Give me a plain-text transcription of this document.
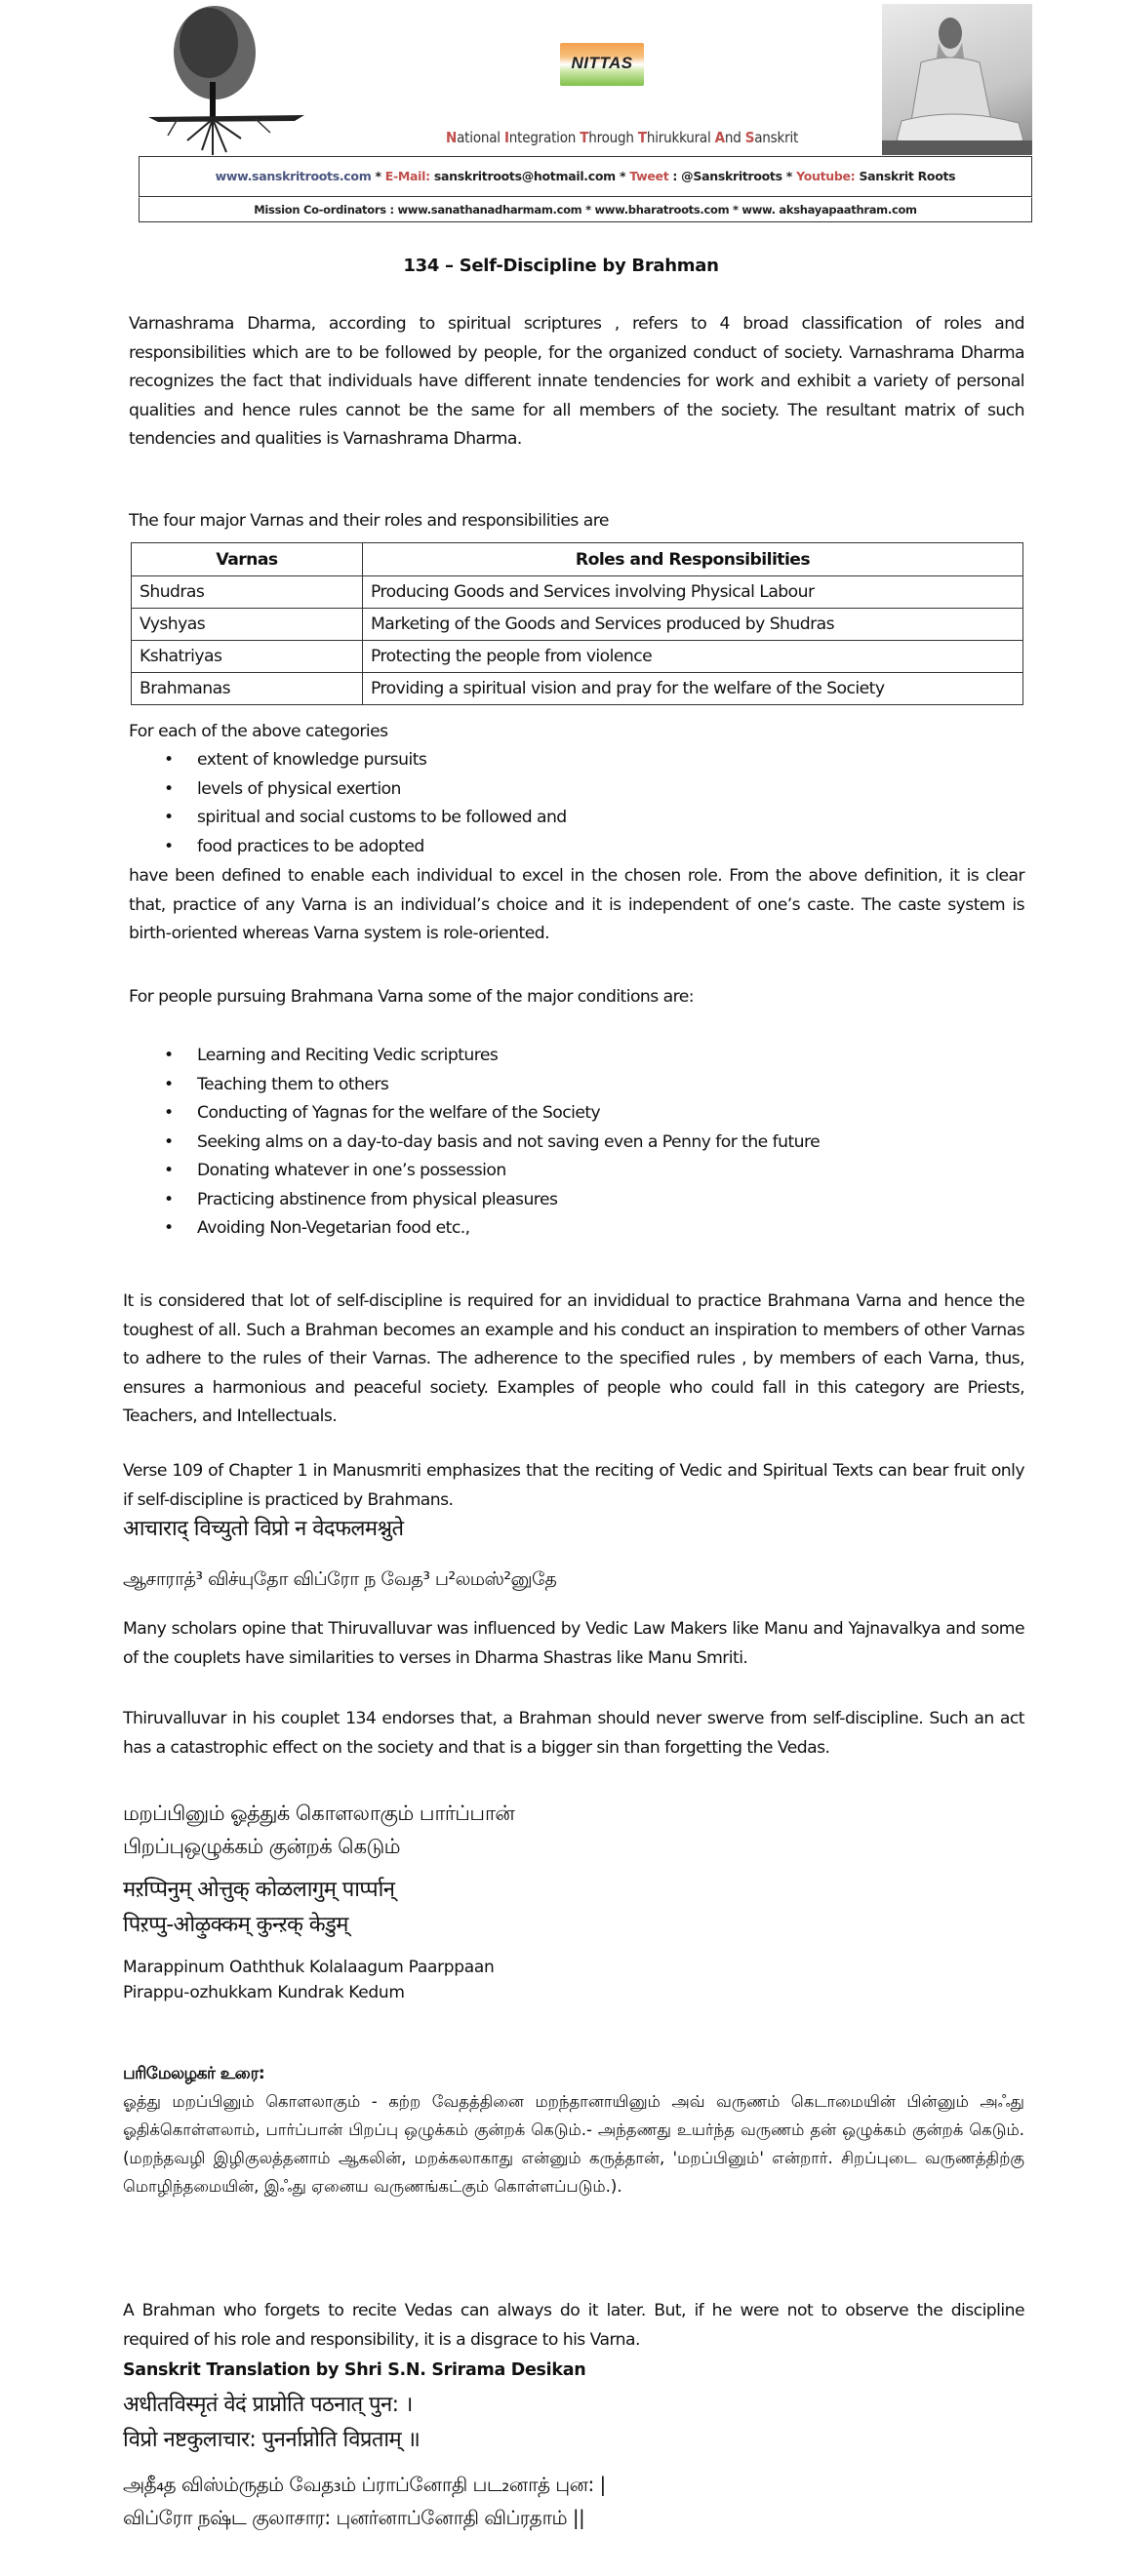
NITTAS
National Integration Through Thirukkural And Sanskrit
www.sanskritroots.com * E-Mail: sanskritroots@hotmail.com * Tweet : @Sanskritroots * Youtube: Sanskrit Roots
Mission Co-ordinators : www.sanathanadharmam.com * www.bharatroots.com * www. akshayapaathram.com
134 – Self-Discipline by Brahman

Varnashrama Dharma, according to spiritual scriptures , refers to 4 broad classification of roles and responsibilities which are to be followed by people, for the organized conduct of society. Varnashrama Dharma recognizes the fact that individuals have different innate tendencies for work and exhibit a variety of personal qualities and hence rules cannot be the same for all members of the society. The resultant matrix of such tendencies and qualities is Varnashrama Dharma.

The four major Varnas and their roles and responsibilities are

Varnas	Roles and Responsibilities
Shudras	Producing Goods and Services involving Physical Labour
Vyshyas	Marketing of the Goods and Services produced by Shudras
Kshatriyas	Protecting the people from violence
Brahmanas	Providing a spiritual vision and pray for the welfare of the Society

For each of the above categories

• extent of knowledge pursuits
• levels of physical exertion
• spiritual and social customs to be followed and
• food practices to be adopted

have been defined to enable each individual to excel in the chosen role. From the above definition, it is clear that, practice of any Varna is an individual’s choice and it is independent of one’s caste. The caste system is birth-oriented whereas Varna system is role-oriented.

For people pursuing Brahmana Varna some of the major conditions are:

• Learning and Reciting Vedic scriptures
• Teaching them to others
• Conducting of Yagnas for the welfare of the Society
• Seeking alms on a day-to-day basis and not saving even a Penny for the future
• Donating whatever in one’s possession
• Practicing abstinence from physical pleasures
• Avoiding Non-Vegetarian food etc.,

It is considered that lot of self-discipline is required for an invididual to practice Brahmana Varna and hence the toughest of all. Such a Brahman becomes an example and his conduct an inspiration to members of other Varnas to adhere to the rules of their Varnas. The adherence to the specified rules , by members of each Varna, thus, ensures a harmonious and peaceful society. Examples of people who could fall in this category are Priests, Teachers, and Intellectuals.

Verse 109 of Chapter 1 in Manusmriti emphasizes that the reciting of Vedic and Spiritual Texts can bear fruit only if self-discipline is practiced by Brahmans.

आचाराद् विच्युतो विप्रो न वेदफलमश्नुते

ஆசாராத்³ விச்யுதோ விப்ரோ ந வேத³ ப²லமஸ்²னுதே

Many scholars opine that Thiruvalluvar was influenced by Vedic Law Makers like Manu and Yajnavalkya and some of the couplets have similarities to verses in Dharma Shastras like Manu Smriti.

Thiruvalluvar in his couplet 134 endorses that, a Brahman should never swerve from self-discipline. Such an act has a catastrophic effect on the society and that is a bigger sin than forgetting the Vedas.

மறப்பினும் ஓத்துக் கொளலாகும் பார்ப்பான்
பிறப்புஒழுக்கம் குன்றக் கெடும்
मऱप्पिनुम् ओत्तुक् कोळलागुम् पार्प्पान्
पिऱप्पु-ओऴुक्कम् कुन्ऱक् केडुम्
Marappinum Oaththuk Kolalaagum Paarppaan
Pirappu-ozhukkam Kundrak Kedum

பரிமேலழகர் உரை:

ஓத்து மறப்பினும் கொளலாகும் - கற்ற வேதத்தினை மறந்தானாயினும் அவ் வருணம் கெடாமையின் பின்னும் அஃது ஓதிக்கொள்ளலாம், பார்ப்பான் பிறப்பு ஒழுக்கம் குன்றக் கெடும்.- அந்தணது உயர்ந்த வருணம் தன் ஒழுக்கம் குன்றக் கெடும். (மறந்தவழி இழிகுலத்தனாம் ஆகலின், மறக்கலாகாது என்னும் கருத்தான், 'மறப்பினும்' என்றார். சிறப்புடை வருணத்திற்கு மொழிந்தமையின், இஃது ஏனைய வருணங்கட்கும் கொள்ளப்படும்.).

A Brahman who forgets to recite Vedas can always do it later. But, if he were not to observe the discipline required of his role and responsibility, it is a disgrace to his Varna.

Sanskrit Translation by Shri S.N. Srirama Desikan

अधीतविस्मृतं वेदं प्राप्नोति पठनात् पुन: ।
विप्रो नष्टकुलाचार: पुनर्नाप्नोति विप्रताम् ॥
அதீ₄த விஸ்ம்ருதம் வேத₃ம் ப்ராப்னோதி பட₂னாத் புன: |
விப்ரோ நஷ்ட குலாசார: புனர்னாப்னோதி விப்ரதாம் ||
